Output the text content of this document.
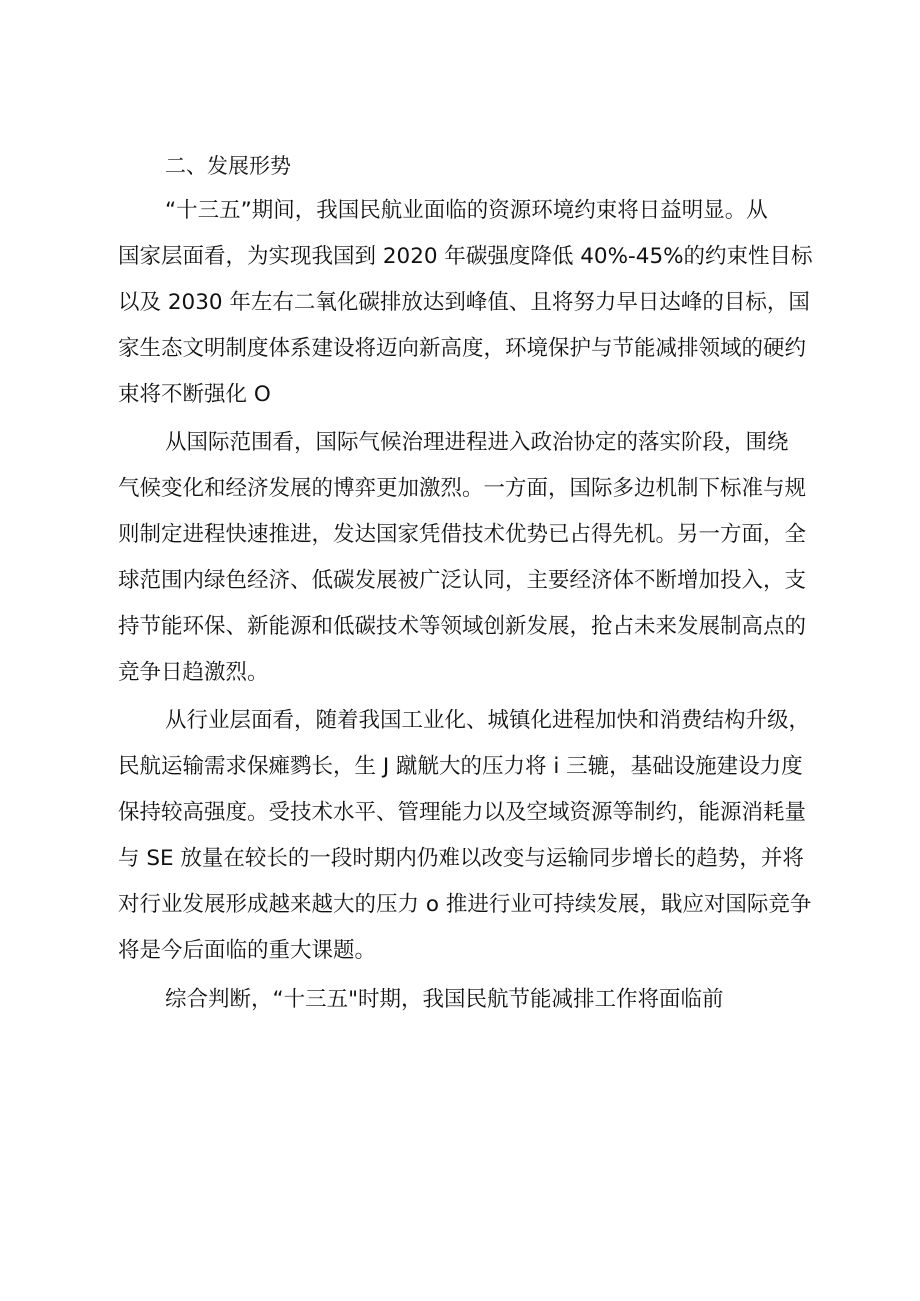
二、发展形势
“十三五”期间，我国民航业面临的资源环境约束将日益明显。从
国家层面看，为实现我国到 2020 年碳强度降低 40%-45%的约束性目标
以及 2030 年左右二氧化碳排放达到峰值、且将努力早日达峰的目标，国
家生态文明制度体系建设将迈向新高度，环境保护与节能减排领域的硬约
束将不断强化 O
从国际范围看，国际气候治理进程进入政治协定的落实阶段，围绕
气候变化和经济发展的博弈更加激烈。一方面，国际多边机制下标准与规
则制定进程快速推进，发达国家凭借技术优势已占得先机。另一方面，全
球范围内绿色经济、低碳发展被广泛认同，主要经济体不断增加投入，支
持节能环保、新能源和低碳技术等领域创新发展，抢占未来发展制高点的
竞争日趋激烈。
从行业层面看，随着我国工业化、城镇化进程加快和消费结构升级，
民航运输需求保瘫鹨长，生 J 蹴觥大的压力将 i 三辘，基础设施建设力度
保持较高强度。受技术水平、管理能力以及空域资源等制约，能源消耗量
与 SE 放量在较长的一段时期内仍难以改变与运输同步增长的趋势，并将
对行业发展形成越来越大的压力 o 推进行业可持续发展，戢应对国际竞争
将是今后面临的重大课题。
综合判断，“十三五"时期，我国民航节能减排工作将面临前
